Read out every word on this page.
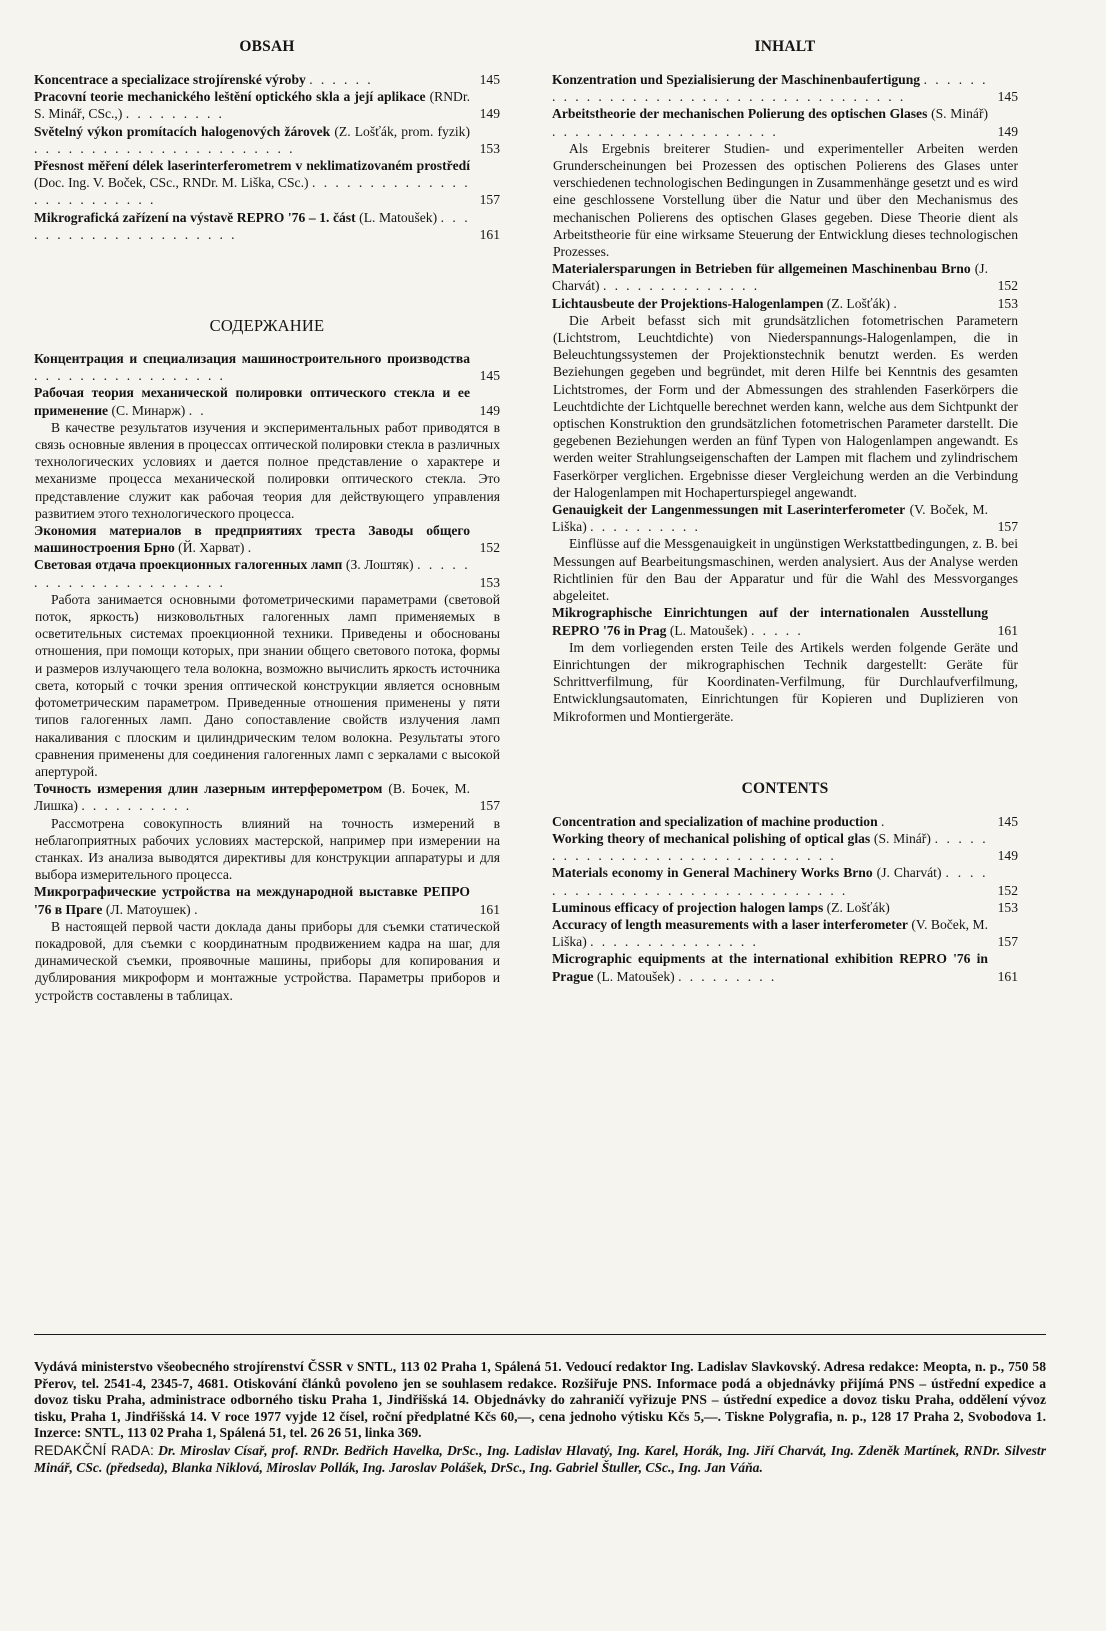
OBSAH
Koncentrace a specializace strojírenské výroby . . . . . .	145
Pracovní teorie mechanického leštění optického skla a její aplikace (RNDr. S. Minář, CSc.,) . . . . . . . . .	149
Světelný výkon promítacích halogenových žárovek (Z. Lošťák, prom. fyzik) . . . . . . . . . . . . . . . . . . . . . . .	153
Přesnost měření délek laserinterferometrem v neklimatizovaném prostředí (Doc. Ing. V. Boček, CSc., RNDr. M. Liška, CSc.) . . . . . . . . . . . . . . . . . . . . . . . . .	157
Mikrografická zařízení na výstavě REPRO '76 – 1. část (L. Matoušek) . . . . . . . . . . . . . . . . . . . . .	161
СОДЕРЖАНИЕ
Концентрация и специализация машиностроительного производства . . . . . . . . . . . . . . . . .	145
Рабочая теория механической полировки оптического стекла и ее применение (С. Минарж) . .	149
В качестве результатов изучения и экспериментальных работ приводятся в связь основные явления в процессах оптической полировки стекла в различных технологических условиях и дается полное представление о характере и механизме процесса механической полировки оптического стекла. Это представление служит как рабочая теория для действующего управления развитием этого технологического процесса.
Экономия материалов в предприятиях треста Заводы общего машиностроения Брно (Й. Харват) .	152
Световая отдача проекционных галогенных ламп (З. Лоштяк) . . . . . . . . . . . . . . . . . . . . . .	153
Работа занимается основными фотометрическими параметрами (световой поток, яркость) низковольтных галогенных ламп применяемых в осветительных системах проекционной техники. Приведены и обоснованы отношения, при помощи которых, при знании общего светового потока, формы и размеров излучающего тела волокна, возможно вычислить яркость источника света, который с точки зрения оптической конструкции является основным фотометрическим параметром. Приведенные отношения применены у пяти типов галогенных ламп. Дано сопоставление свойств излучения ламп накаливания с плоским и цилиндрическим телом волокна. Результаты этого сравнения применены для соединения галогенных ламп с зеркалами с высокой апертурой.
Точность измерения длин лазерным интерферометром (В. Бочек, М. Лишка) . . . . . . . . . .	157
Рассмотрена совокупность влияний на точность измерений в неблагоприятных рабочих условиях мастерской, например при измерении на станках. Из анализа выводятся директивы для конструкции аппаратуры и для выбора измерительного процесса.
Микрографические устройства на международной выставке РЕПРО '76 в Праге (Л. Матоушек) .	161
В настоящей первой части доклада даны приборы для съемки статической покадровой, для съемки с координатным продвижением кадра на шаг, для динамической съемки, проявочные машины, приборы для копирования и дублирования микроформ и монтажные устройства. Параметры приборов и устройств составлены в таблицах.
INHALT
Konzentration und Spezialisierung der Maschinenbaufertigung . . . . . . . . . . . . . . . . . . . . . . . . . . . . . . . . . . . . .	145
Arbeitstheorie der mechanischen Polierung des optischen Glases (S. Minář) . . . . . . . . . . . . . . . . . . . .	149
Als Ergebnis breiterer Studien- und experimenteller Arbeiten werden Grunderscheinungen bei Prozessen des optischen Polierens des Glases unter verschiedenen technologischen Bedingungen in Zusammenhänge gesetzt und es wird eine geschlossene Vorstellung über die Natur und über den Mechanismus des mechanischen Polierens des optischen Glases gegeben. Diese Theorie dient als Arbeitstheorie für eine wirksame Steuerung der Entwicklung dieses technologischen Prozesses.
Materialersparungen in Betrieben für allgemeinen Maschinenbau Brno (J. Charvát) . . . . . . . . . . . . . .	152
Lichtausbeute der Projektions-Halogenlampen (Z. Lošťák) .	153
Die Arbeit befasst sich mit grundsätzlichen fotometrischen Parametern (Lichtstrom, Leuchtdichte) von Niederspannungs-Halogenlampen, die in Beleuchtungssystemen der Projektionstechnik benutzt werden. Es werden Beziehungen gegeben und begründet, mit deren Hilfe bei Kenntnis des gesamten Lichtstromes, der Form und der Abmessungen des strahlenden Faserkörpers die Leuchtdichte der Lichtquelle berechnet werden kann, welche aus dem Sichtpunkt der optischen Konstruktion den grundsätzlichen fotometrischen Parameter darstellt. Die gegebenen Beziehungen werden an fünf Typen von Halogenlampen angewandt. Es werden weiter Strahlungseigenschaften der Lampen mit flachem und zylindrischem Faserkörper verglichen. Ergebnisse dieser Vergleichung werden an die Verbindung der Halogenlampen mit Hochaperturspiegel angewandt.
Genauigkeit der Langenmessungen mit Laserinterferometer (V. Boček, M. Liška) . . . . . . . . . .	157
Einflüsse auf die Messgenauigkeit in ungünstigen Werkstattbedingungen, z. B. bei Messungen auf Bearbeitungsmaschinen, werden analysiert. Aus der Analyse werden Richtlinien für den Bau der Apparatur und für die Wahl des Messvorganges abgeleitet.
Mikrographische Einrichtungen auf der internationalen Ausstellung REPRO '76 in Prag (L. Matoušek) . . . . .	161
Im dem vorliegenden ersten Teile des Artikels werden folgende Geräte und Einrichtungen der mikrographischen Technik dargestellt: Geräte für Schrittverfilmung, für Koordinaten-Verfilmung, für Durchlaufverfilmung, Entwicklungsautomaten, Einrichtungen für Kopieren und Duplizieren von Mikroformen und Montiergeräte.
CONTENTS
Concentration and specialization of machine production .	145
Working theory of mechanical polishing of optical glas (S. Minář) . . . . . . . . . . . . . . . . . . . . . . . . . . . . . .	149
Materials economy in General Machinery Works Brno (J. Charvát) . . . . . . . . . . . . . . . . . . . . . . . . . . . . . .	152
Luminous efficacy of projection halogen lamps (Z. Lošťák)	153
Accuracy of length measurements with a laser interferometer (V. Boček, M. Liška) . . . . . . . . . . . . . . .	157
Micrographic equipments at the international exhibition REPRO '76 in Prague (L. Matoušek) . . . . . . . . .	161
Vydává ministerstvo všeobecného strojírenství ČSSR v SNTL, 113 02 Praha 1, Spálená 51. Vedoucí redaktor Ing. Ladislav Slavkovský. Adresa redakce: Meopta, n. p., 750 58 Přerov, tel. 2541-4, 2345-7, 4681. Otiskování článků povoleno jen se souhlasem redakce. Rozšiřuje PNS. Informace podá a objednávky přijímá PNS – ústřední expedice a dovoz tisku Praha, administrace odborného tisku Praha 1, Jindřišská 14. Objednávky do zahraničí vyřizuje PNS – ústřední expedice a dovoz tisku Praha, oddělení vývoz tisku, Praha 1, Jindřišská 14. V roce 1977 vyjde 12 čísel, roční předplatné Kčs 60,—, cena jednoho výtisku Kčs 5,—. Tiskne Polygrafia, n. p., 128 17 Praha 2, Svobodova 1. Inzerce: SNTL, 113 02 Praha 1, Spálená 51, tel. 26 26 51, linka 369.
REDAKČNÍ RADA: Dr. Miroslav Císař, prof. RNDr. Bedřich Havelka, DrSc., Ing. Ladislav Hlavatý, Ing. Karel, Horák, Ing. Jiří Charvát, Ing. Zdeněk Martínek, RNDr. Silvestr Minář, CSc. (předseda), Blanka Niklová, Miroslav Pollák, Ing. Jaroslav Polášek, DrSc., Ing. Gabriel Štuller, CSc., Ing. Jan Váňa.
